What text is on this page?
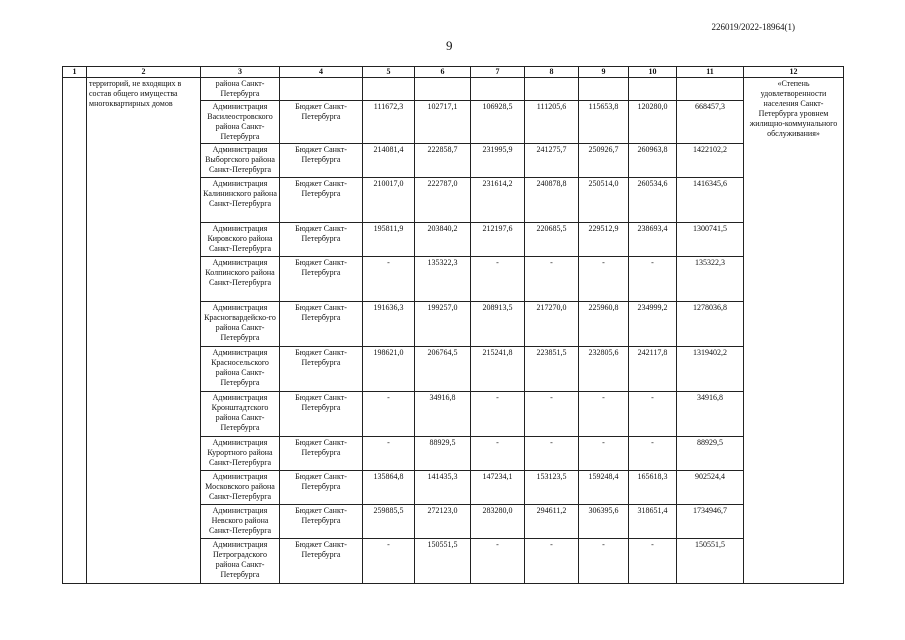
226019/2022-18964(1)
9
1	2	3	4	5	6	7	8	9	10	11	12
	территорий, не входящих в состав общего имущества многоквартирных домов	района Санкт-Петербурга									«Степень удовлетворенности населения Санкт-Петербурга уровнем жилищно-коммунального обслуживания»
		Администрация Василеостровского района Санкт-Петербурга	Бюджет Санкт-Петербурга	111672,3	102717,1	106928,5	111205,6	115653,8	120280,0	668457,3	
		Администрация Выборгского района Санкт-Петербурга	Бюджет Санкт-Петербурга	214081,4	222858,7	231995,9	241275,7	250926,7	260963,8	1422102,2	
		Администрация Калининского района Санкт-Петербурга	Бюджет Санкт-Петербурга	210017,0	222787,0	231614,2	240878,8	250514,0	260534,6	1416345,6	
		Администрация Кировского района Санкт-Петербурга	Бюджет Санкт-Петербурга	195811,9	203840,2	212197,6	220685,5	229512,9	238693,4	1300741,5	
		Администрация Колпинского района Санкт-Петербурга	Бюджет Санкт-Петербурга	-	135322,3	-	-	-	-	135322,3	
		Администрация Красногвардейско-го района Санкт-Петербурга	Бюджет Санкт-Петербурга	191636,3	199257,0	208913,5	217270,0	225960,8	234999,2	1278036,8	
		Администрация Красносельского района Санкт-Петербурга	Бюджет Санкт-Петербурга	198621,0	206764,5	215241,8	223851,5	232805,6	242117,8	1319402,2	
		Администрация Кронштадтского района Санкт-Петербурга	Бюджет Санкт-Петербурга	-	34916,8	-	-	-	-	34916,8	
		Администрация Курортного района Санкт-Петербурга	Бюджет Санкт-Петербурга	-	88929,5	-	-	-	-	88929,5	
		Администрация Московского района Санкт-Петербурга	Бюджет Санкт-Петербурга	135864,8	141435,3	147234,1	153123,5	159248,4	165618,3	902524,4	
		Администрация Невского района Санкт-Петербурга	Бюджет Санкт-Петербурга	259885,5	272123,0	283280,0	294611,2	306395,6	318651,4	1734946,7	
		Администрация Петроградского района Санкт-Петербурга	Бюджет Санкт-Петербурга	-	150551,5	-	-	-	-	150551,5	
